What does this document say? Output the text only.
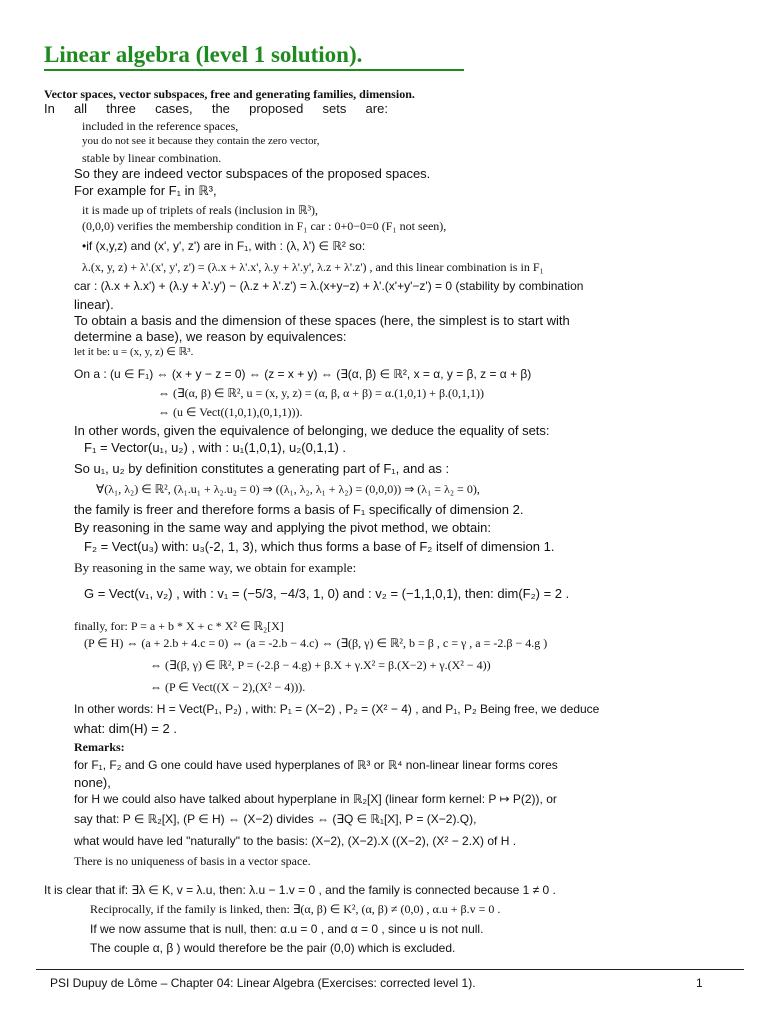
Linear algebra (level 1 solution).
Vector spaces, vector subspaces, free and generating families, dimension.
In all three cases, the proposed sets are:
included in the reference spaces,
you do not see it because they contain the zero vector,
stable by linear combination.
So they are indeed vector subspaces of the proposed spaces.
For example for F₁ in ℝ³,
it is made up of triplets of reals (inclusion in ℝ³),
(0,0,0) verifies the membership condition in F₁ car : 0+0−0=0 (F₁ not seen),
•if (x,y,z) and (x', y', z') are in F₁, with : (λ, λ') ∈ ℝ² so:
λ.(x, y, z) + λ'.(x', y', z') = (λ.x + λ'.x', λ.y + λ'.y', λ.z + λ'.z') , and this linear combination is in F₁
car : (λ.x + λ.x') + (λ.y + λ'.y') − (λ.z + λ'.z') = λ.(x+y−z) + λ'.(x'+y'−z') = 0 (stability by combination
linear).
To obtain a basis and the dimension of these spaces (here, the simplest is to start with
determine a base), we reason by equivalences:
let it be: u = (x, y, z) ∈ ℝ³.
On a : (u ∈ F₁) ⇔ (x + y − z = 0) ⇔ (z = x + y) ⇔ (∃(α, β) ∈ ℝ², x = α, y = β, z = α + β)
⇔ (∃(α, β) ∈ ℝ², u = (x, y, z) = (α, β, α + β) = α.(1,0,1) + β.(0,1,1))
⇔ (u ∈ Vect((1,0,1),(0,1,1))).
In other words, given the equivalence of belonging, we deduce the equality of sets:
F₁ = Vector(u₁, u₂) , with : u₁(1,0,1), u₂(0,1,1) .
So u₁, u₂ by definition constitutes a generating part of F₁, and as :
∀(λ₁, λ₂) ∈ ℝ², (λ₁.u₁ + λ₂.u₂ = 0) ⇒ ((λ₁, λ₂, λ₁ + λ₂) = (0,0,0)) ⇒ (λ₁ = λ₂ = 0),
the family is freer and therefore forms a basis of F₁ specifically of dimension 2.
By reasoning in the same way and applying the pivot method, we obtain:
F₂ = Vect(u₃) with: u₃(-2, 1, 3), which thus forms a base of F₂ itself of dimension 1.
By reasoning in the same way, we obtain for example:
G = Vect(v₁, v₂) , with : v₁ = (−5/3, −4/3, 1, 0) and : v₂ = (−1,1,0,1), then: dim(F₂) = 2 .
finally, for: P = a + b * X + c * X² ∈ ℝ₂[X]
(P ∈ H) ⇔ (a + 2.b + 4.c = 0) ⇔ (a = -2.b − 4.c) ⇔ (∃(β, γ) ∈ ℝ², b = β , c = γ , a = -2.β − 4.g )
⇔ (∃(β, γ) ∈ ℝ², P = (-2.β − 4.g) + β.X + γ.X² = β.(X−2) + γ.(X² − 4))
⇔ (P ∈ Vect((X − 2),(X² − 4))).
In other words: H = Vect(P₁, P₂) , with: P₁ = (X−2) , P₂ = (X² − 4) , and P₁, P₂ Being free, we deduce
what: dim(H) = 2 .
Remarks:
for F₁, F₂ and G one could have used hyperplanes of ℝ³ or ℝ⁴ non-linear linear forms cores
none),
for H we could also have talked about hyperplane in ℝ₂[X] (linear form kernel: P ↦ P(2)), or
say that: P ∈ ℝ₂[X], (P ∈ H) ⇔ (X−2) divides ⇔ (∃Q ∈ ℝ₁[X], P = (X−2).Q),
what would have led "naturally" to the basis: (X−2), (X−2).X ((X−2), (X² − 2.X) of H .
There is no uniqueness of basis in a vector space.
It is clear that if: ∃λ ∈ K, v = λ.u, then: λ.u − 1.v = 0 , and the family is connected because 1 ≠ 0 .
Reciprocally, if the family is linked, then: ∃(α, β) ∈ K², (α, β) ≠ (0,0) , α.u + β.v = 0 .
If we now assume that is null, then: α.u = 0 , and α = 0 , since u is not null.
The couple α, β ) would therefore be the pair (0,0) which is excluded.
PSI Dupuy de Lôme – Chapter 04: Linear Algebra (Exercises: corrected level 1).	1
